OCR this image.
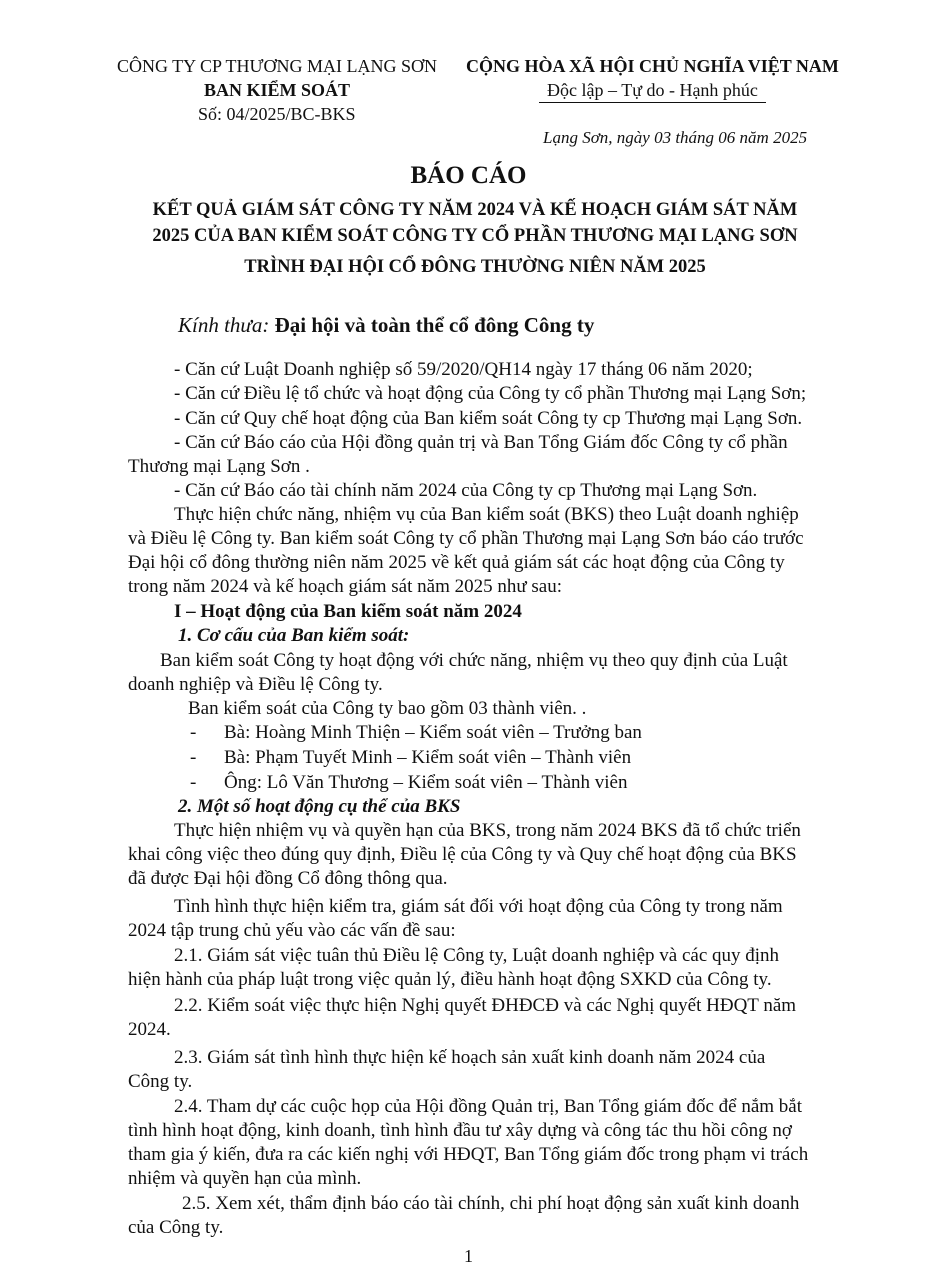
CÔNG TY CP THƯƠNG MẠI LẠNG SƠN
BAN KIỂM SOÁT
Số: 04/2025/BC-BKS
CỘNG HÒA XÃ HỘI CHỦ NGHĨA VIỆT NAM
Độc lập – Tự do - Hạnh phúc
Lạng Sơn, ngày 03 tháng 06 năm 2025
BÁO CÁO
KẾT QUẢ GIÁM SÁT CÔNG TY NĂM 2024 VÀ KẾ HOẠCH GIÁM SÁT NĂM
2025 CỦA BAN KIỂM SOÁT CÔNG TY CỔ PHẦN THƯƠNG MẠI LẠNG SƠN
TRÌNH ĐẠI HỘI CỔ ĐÔNG THƯỜNG NIÊN NĂM 2025
Kính thưa: Đại hội và toàn thể cổ đông Công ty
- Căn cứ Luật Doanh nghiệp số 59/2020/QH14 ngày 17 tháng 06 năm 2020;
- Căn cứ Điều lệ tổ chức và hoạt động của Công ty cổ phần Thương mại Lạng Sơn;
- Căn cứ Quy chế hoạt động của Ban kiểm soát Công ty cp Thương mại Lạng Sơn.
- Căn cứ Báo cáo của Hội đồng quản trị và Ban Tổng Giám đốc Công ty cổ phần
Thương mại Lạng Sơn .
- Căn cứ Báo cáo tài chính năm 2024 của Công ty cp Thương mại Lạng Sơn.
Thực hiện chức năng, nhiệm vụ của Ban kiểm soát (BKS) theo Luật doanh nghiệp
và Điều lệ Công ty. Ban kiểm soát Công ty cổ phần Thương mại Lạng Sơn báo cáo trước
Đại hội cổ đông thường niên năm 2025 về kết quả giám sát các hoạt động của Công ty
trong năm 2024 và kế hoạch giám sát năm 2025 như sau:
I – Hoạt động của Ban kiểm soát năm 2024
1. Cơ cấu của Ban kiểm soát:
Ban kiểm soát Công ty hoạt động với chức năng, nhiệm vụ theo quy định của Luật
doanh nghiệp và Điều lệ Công ty.
Ban kiểm soát của Công ty bao gồm 03 thành viên. .
- Bà: Hoàng Minh Thiện – Kiểm soát viên – Trưởng ban
- Bà: Phạm Tuyết Minh – Kiểm soát viên – Thành viên
- Ông: Lô Văn Thương – Kiểm soát viên – Thành viên
2. Một số hoạt động cụ thể của BKS
Thực hiện nhiệm vụ và quyền hạn của BKS, trong năm 2024 BKS đã tổ chức triển
khai công việc theo đúng quy định, Điều lệ của Công ty và Quy chế hoạt động của BKS
đã được Đại hội đồng Cổ đông thông qua.
Tình hình thực hiện kiểm tra, giám sát đối với hoạt động của Công ty trong năm
2024 tập trung chủ yếu vào các vấn đề sau:
2.1. Giám sát việc tuân thủ Điều lệ Công ty, Luật doanh nghiệp và các quy định
hiện hành của pháp luật trong việc quản lý, điều hành hoạt động SXKD của Công ty.
2.2. Kiểm soát việc thực hiện Nghị quyết ĐHĐCĐ và các Nghị quyết HĐQT năm
2024.
2.3. Giám sát tình hình thực hiện kế hoạch sản xuất kinh doanh năm 2024 của
Công ty.
2.4. Tham dự các cuộc họp của Hội đồng Quản trị, Ban Tổng giám đốc để nắm bắt
tình hình hoạt động, kinh doanh, tình hình đầu tư xây dựng và công tác thu hồi công nợ
tham gia ý kiến, đưa ra các kiến nghị với HĐQT, Ban Tổng giám đốc trong phạm vi trách
nhiệm và quyền hạn của mình.
2.5. Xem xét, thẩm định báo cáo tài chính, chi phí hoạt động sản xuất kinh doanh
của Công ty.
1
